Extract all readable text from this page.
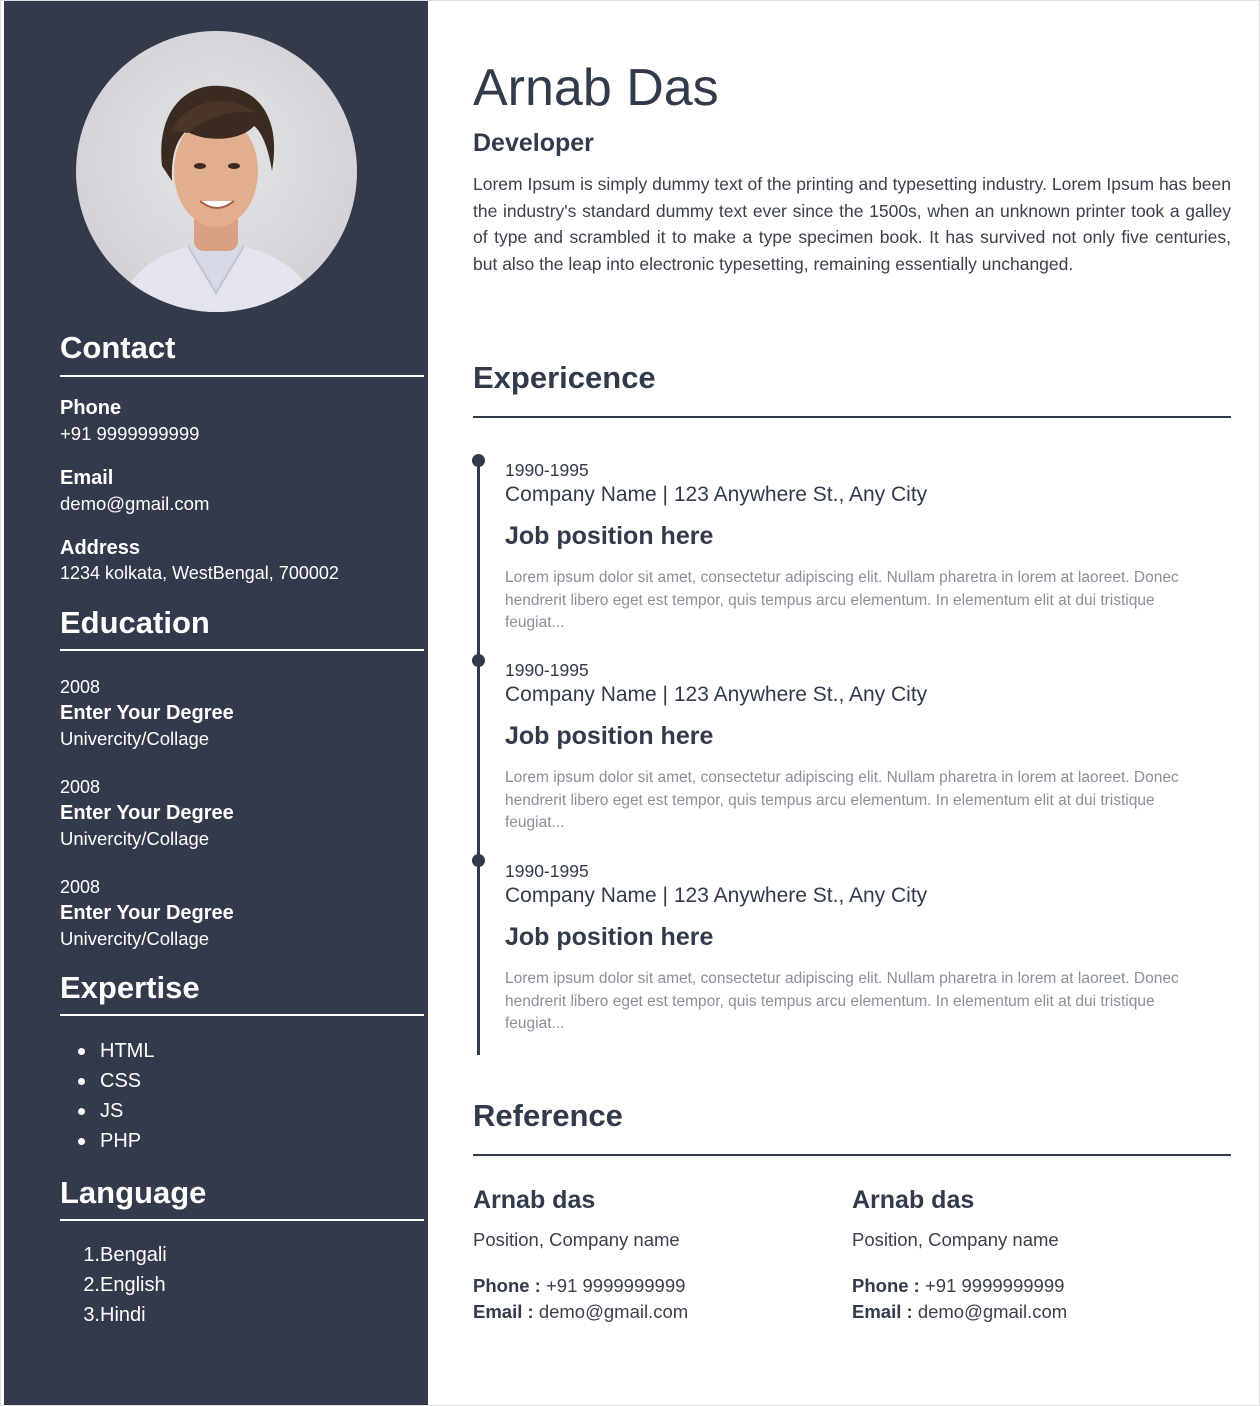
Contact
Phone
+91 9999999999
Email
demo@gmail.com
Address
1234 kolkata, WestBengal, 700002
Education
2008
Enter Your Degree
Univercity/Collage
2008
Enter Your Degree
Univercity/Collage
2008
Enter Your Degree
Univercity/Collage
Expertise
HTML
CSS
JS
PHP
Language
1. Bengali
2. English
3. Hindi
Arnab Das
Developer
Lorem Ipsum is simply dummy text of the printing and typesetting industry. Lorem Ipsum has been the industry's standard dummy text ever since the 1500s, when an unknown printer took a galley of type and scrambled it to make a type specimen book. It has survived not only five centuries, but also the leap into electronic typesetting, remaining essentially unchanged.
Expericence
1990-1995
Company Name | 123 Anywhere St., Any City
Job position here
Lorem ipsum dolor sit amet, consectetur adipiscing elit. Nullam pharetra in lorem at laoreet. Donec hendrerit libero eget est tempor, quis tempus arcu elementum. In elementum elit at dui tristique feugiat...
1990-1995
Company Name | 123 Anywhere St., Any City
Job position here
Lorem ipsum dolor sit amet, consectetur adipiscing elit. Nullam pharetra in lorem at laoreet. Donec hendrerit libero eget est tempor, quis tempus arcu elementum. In elementum elit at dui tristique feugiat...
1990-1995
Company Name | 123 Anywhere St., Any City
Job position here
Lorem ipsum dolor sit amet, consectetur adipiscing elit. Nullam pharetra in lorem at laoreet. Donec hendrerit libero eget est tempor, quis tempus arcu elementum. In elementum elit at dui tristique feugiat...
Reference
Arnab das
Position, Company name
Phone : +91 9999999999
Email : demo@gmail.com
Arnab das
Position, Company name
Phone : +91 9999999999
Email : demo@gmail.com
